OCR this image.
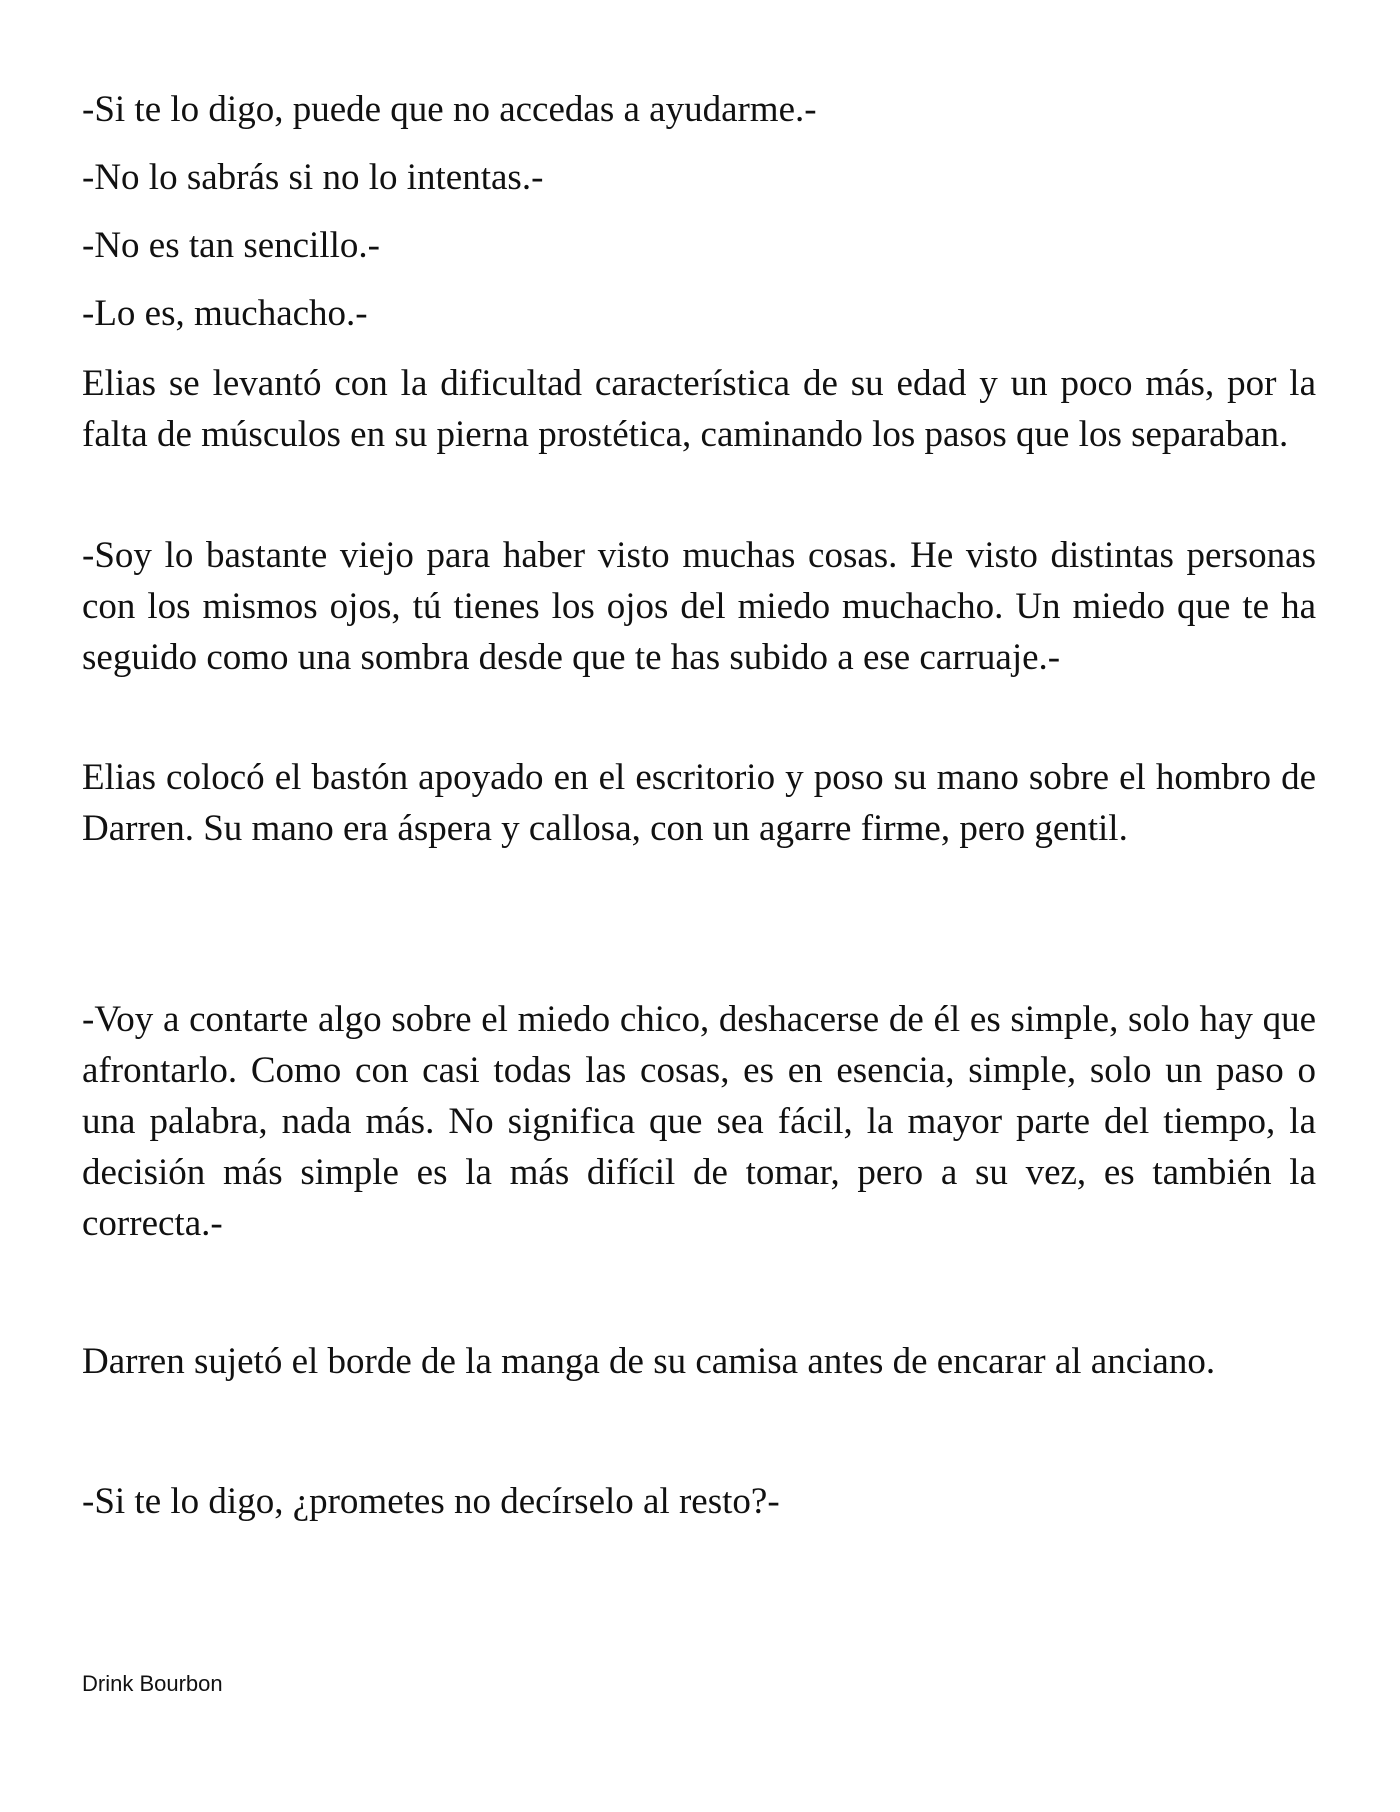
-Si te lo digo, puede que no accedas a ayudarme.-

-No lo sabrás si no lo intentas.-

-No es tan sencillo.-

-Lo es, muchacho.-

Elias se levantó con la dificultad característica de su edad y un poco más, por la falta de músculos en su pierna prostética, caminando los pasos que los separaban.

-Soy lo bastante viejo para haber visto muchas cosas. He visto distintas personas con los mismos ojos, tú tienes los ojos del miedo muchacho. Un miedo que te ha seguido como una sombra desde que te has subido a ese carruaje.-

Elias colocó el bastón apoyado en el escritorio y poso su mano sobre el hombro de Darren. Su mano era áspera y callosa, con un agarre firme, pero gentil.

-Voy a contarte algo sobre el miedo chico, deshacerse de él es simple, solo hay que afrontarlo. Como con casi todas las cosas, es en esencia, simple, solo un paso o una palabra, nada más. No significa que sea fácil, la mayor parte del tiempo, la decisión más simple es la más difícil de tomar, pero a su vez, es también la correcta.-

Darren sujetó el borde de la manga de su camisa antes de encarar al anciano.

-Si te lo digo, ¿prometes no decírselo al resto?-

Drink Bourbon
